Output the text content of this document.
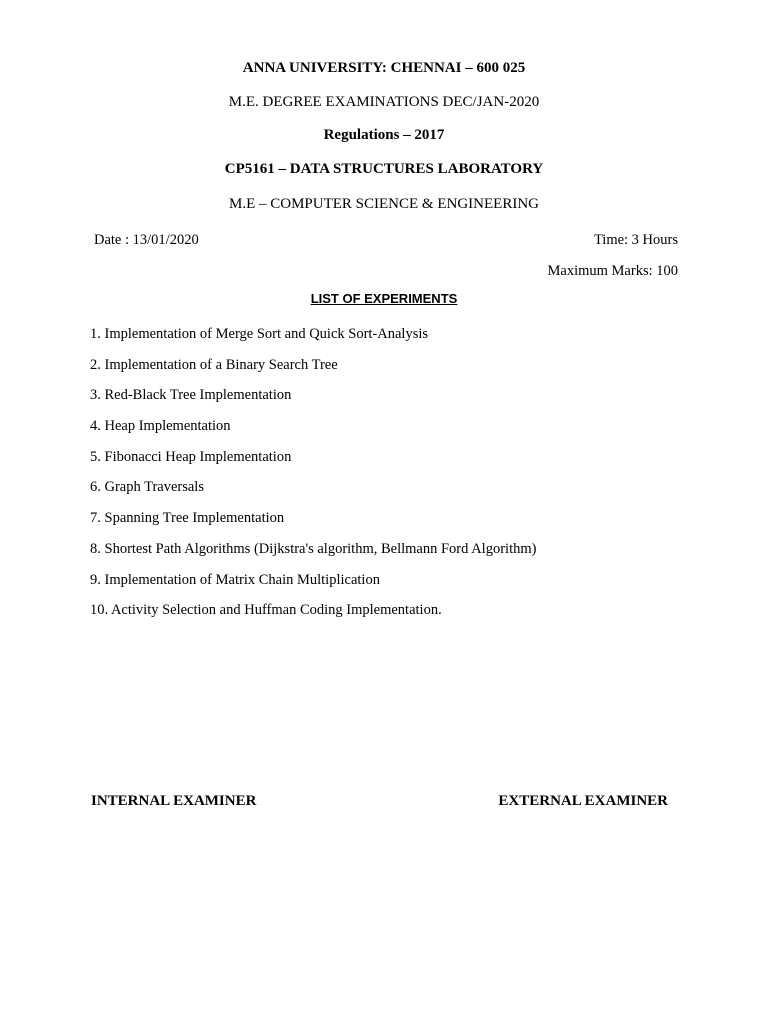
ANNA UNIVERSITY: CHENNAI – 600 025
M.E. DEGREE EXAMINATIONS DEC/JAN-2020
Regulations – 2017
CP5161 – DATA STRUCTURES LABORATORY
M.E – COMPUTER SCIENCE & ENGINEERING
Date : 13/01/2020	Time: 3 Hours
Maximum Marks: 100
LIST OF EXPERIMENTS
1. Implementation of Merge Sort and Quick Sort-Analysis
2. Implementation of a Binary Search Tree
3. Red-Black Tree Implementation
4. Heap Implementation
5. Fibonacci Heap Implementation
6. Graph Traversals
7. Spanning Tree Implementation
8. Shortest Path Algorithms (Dijkstra's algorithm, Bellmann Ford Algorithm)
9. Implementation of Matrix Chain Multiplication
10. Activity Selection and Huffman Coding Implementation.
INTERNAL EXAMINER	EXTERNAL EXAMINER
